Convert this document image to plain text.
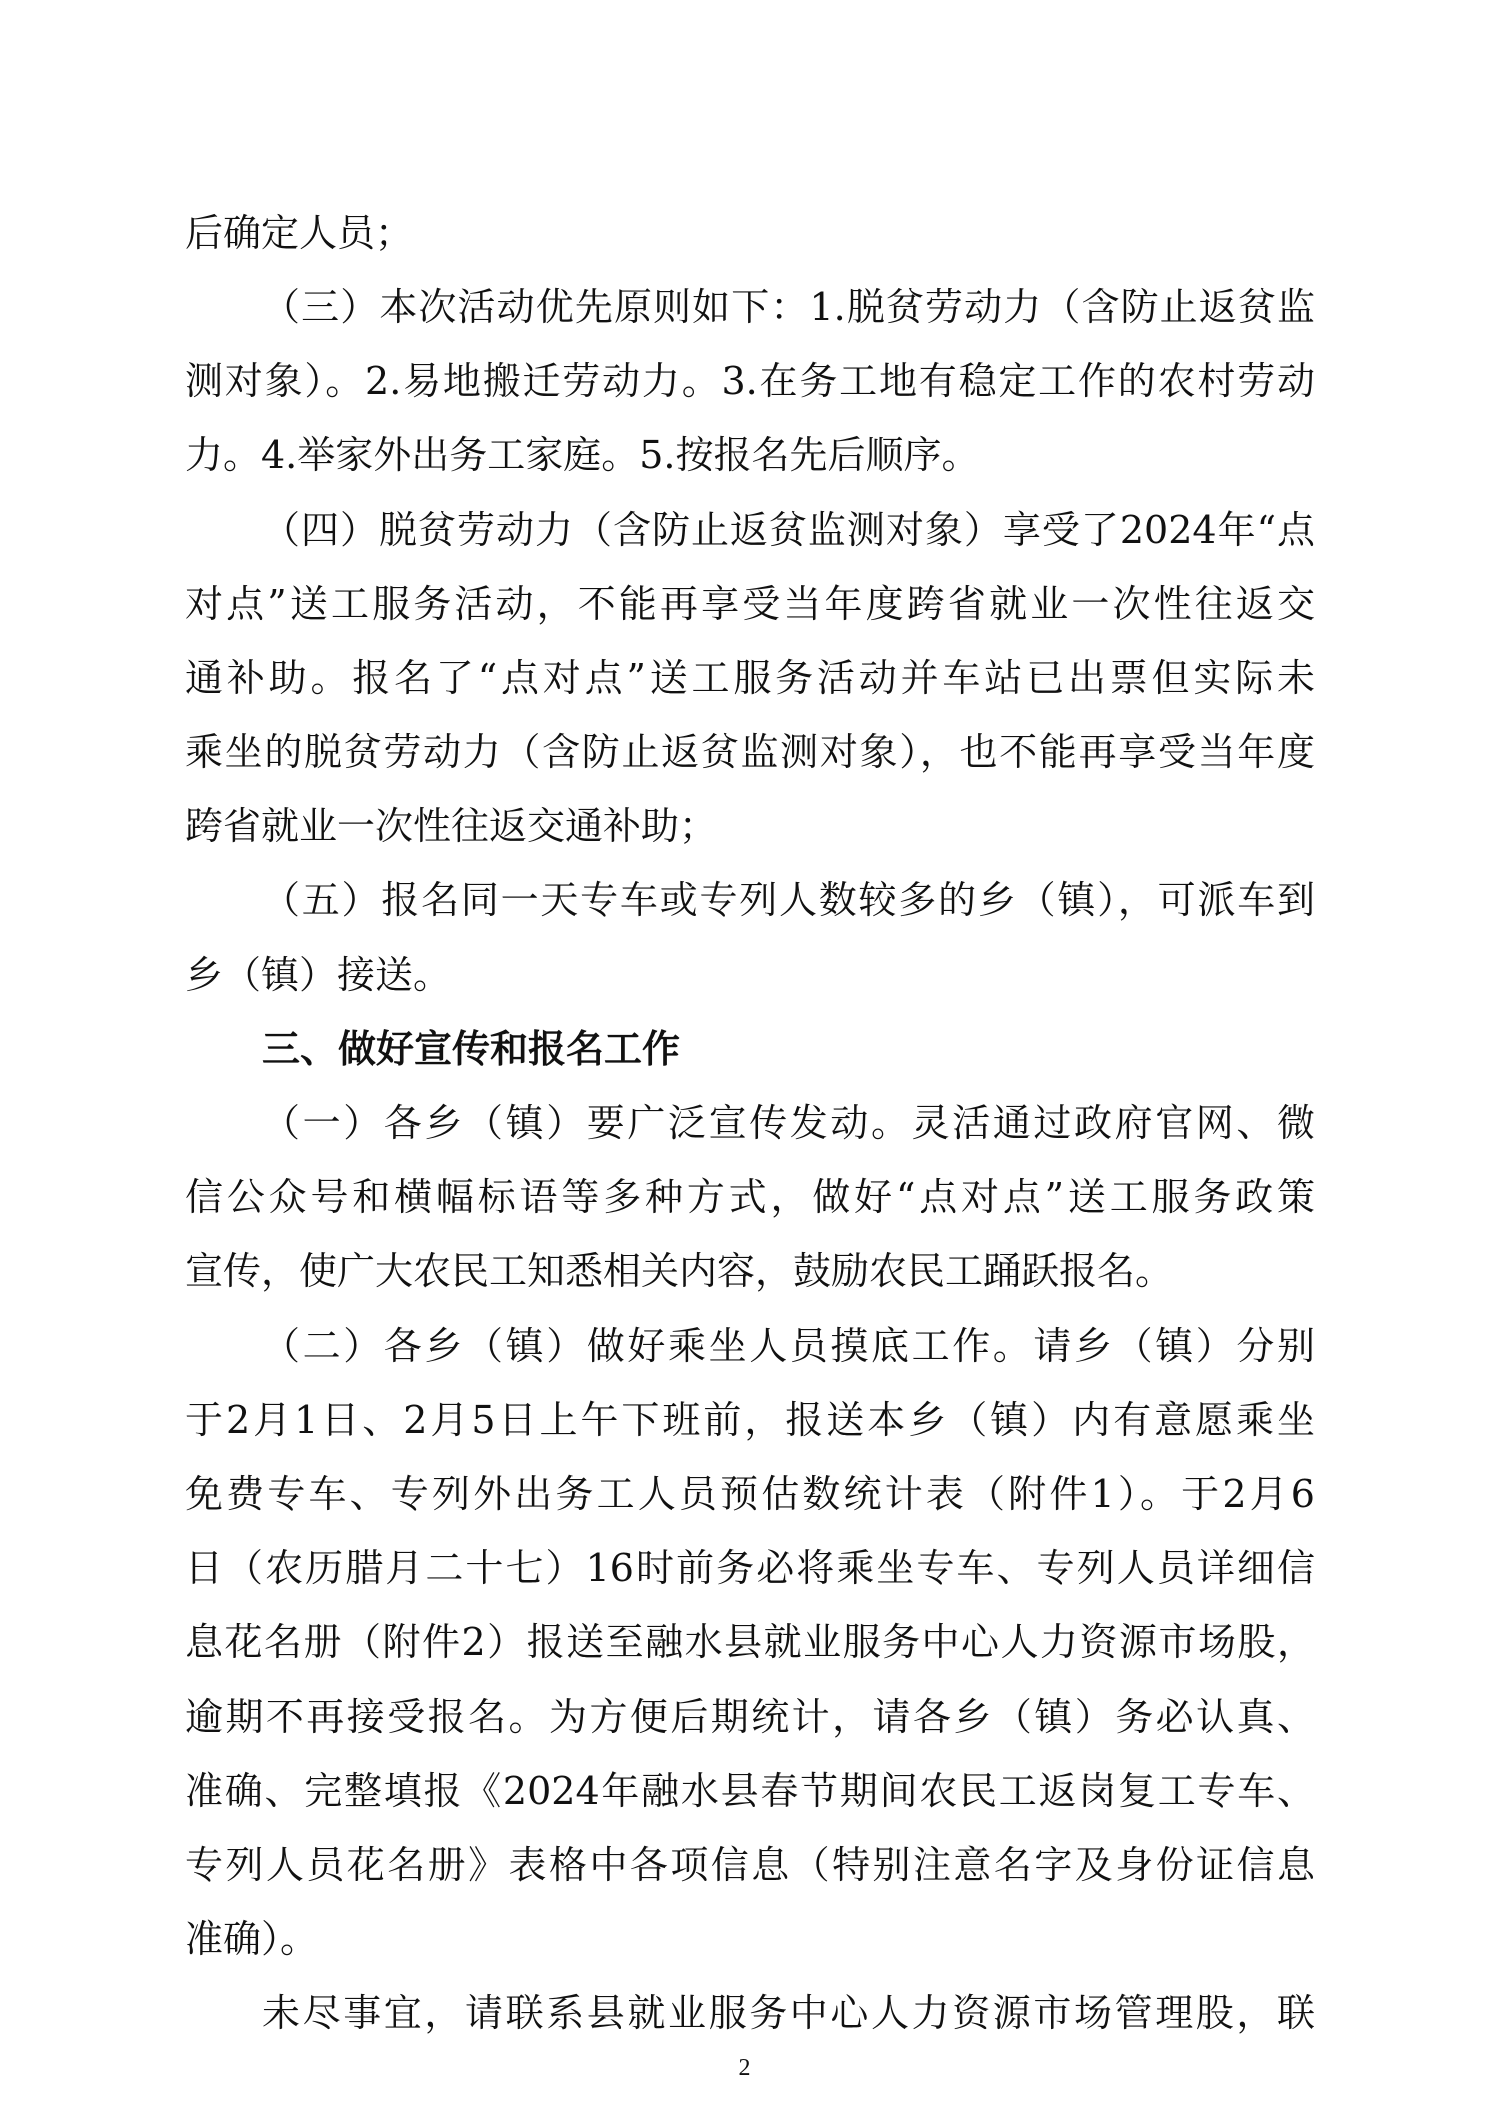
后确定人员；
（三）本次活动优先原则如下：1.脱贫劳动力（含防止返贫监
测对象）。2.易地搬迁劳动力。3.在务工地有稳定工作的农村劳动
力。4.举家外出务工家庭。5.按报名先后顺序。
（四）脱贫劳动力（含防止返贫监测对象）享受了2024年“点
对点”送工服务活动，不能再享受当年度跨省就业一次性往返交
通补助。报名了“点对点”送工服务活动并车站已出票但实际未
乘坐的脱贫劳动力（含防止返贫监测对象），也不能再享受当年度
跨省就业一次性往返交通补助；
（五）报名同一天专车或专列人数较多的乡（镇），可派车到
乡（镇）接送。
三、做好宣传和报名工作
（一）各乡（镇）要广泛宣传发动。灵活通过政府官网、微
信公众号和横幅标语等多种方式，做好“点对点”送工服务政策
宣传，使广大农民工知悉相关内容，鼓励农民工踊跃报名。
（二）各乡（镇）做好乘坐人员摸底工作。请乡（镇）分别
于2月1日、2月5日上午下班前，报送本乡（镇）内有意愿乘坐
免费专车、专列外出务工人员预估数统计表（附件1）。于2月6
日（农历腊月二十七）16时前务必将乘坐专车、专列人员详细信
息花名册（附件2）报送至融水县就业服务中心人力资源市场股，
逾期不再接受报名。为方便后期统计，请各乡（镇）务必认真、
准确、完整填报《2024年融水县春节期间农民工返岗复工专车、
专列人员花名册》表格中各项信息（特别注意名字及身份证信息
准确）。
未尽事宜，请联系县就业服务中心人力资源市场管理股，联
2
